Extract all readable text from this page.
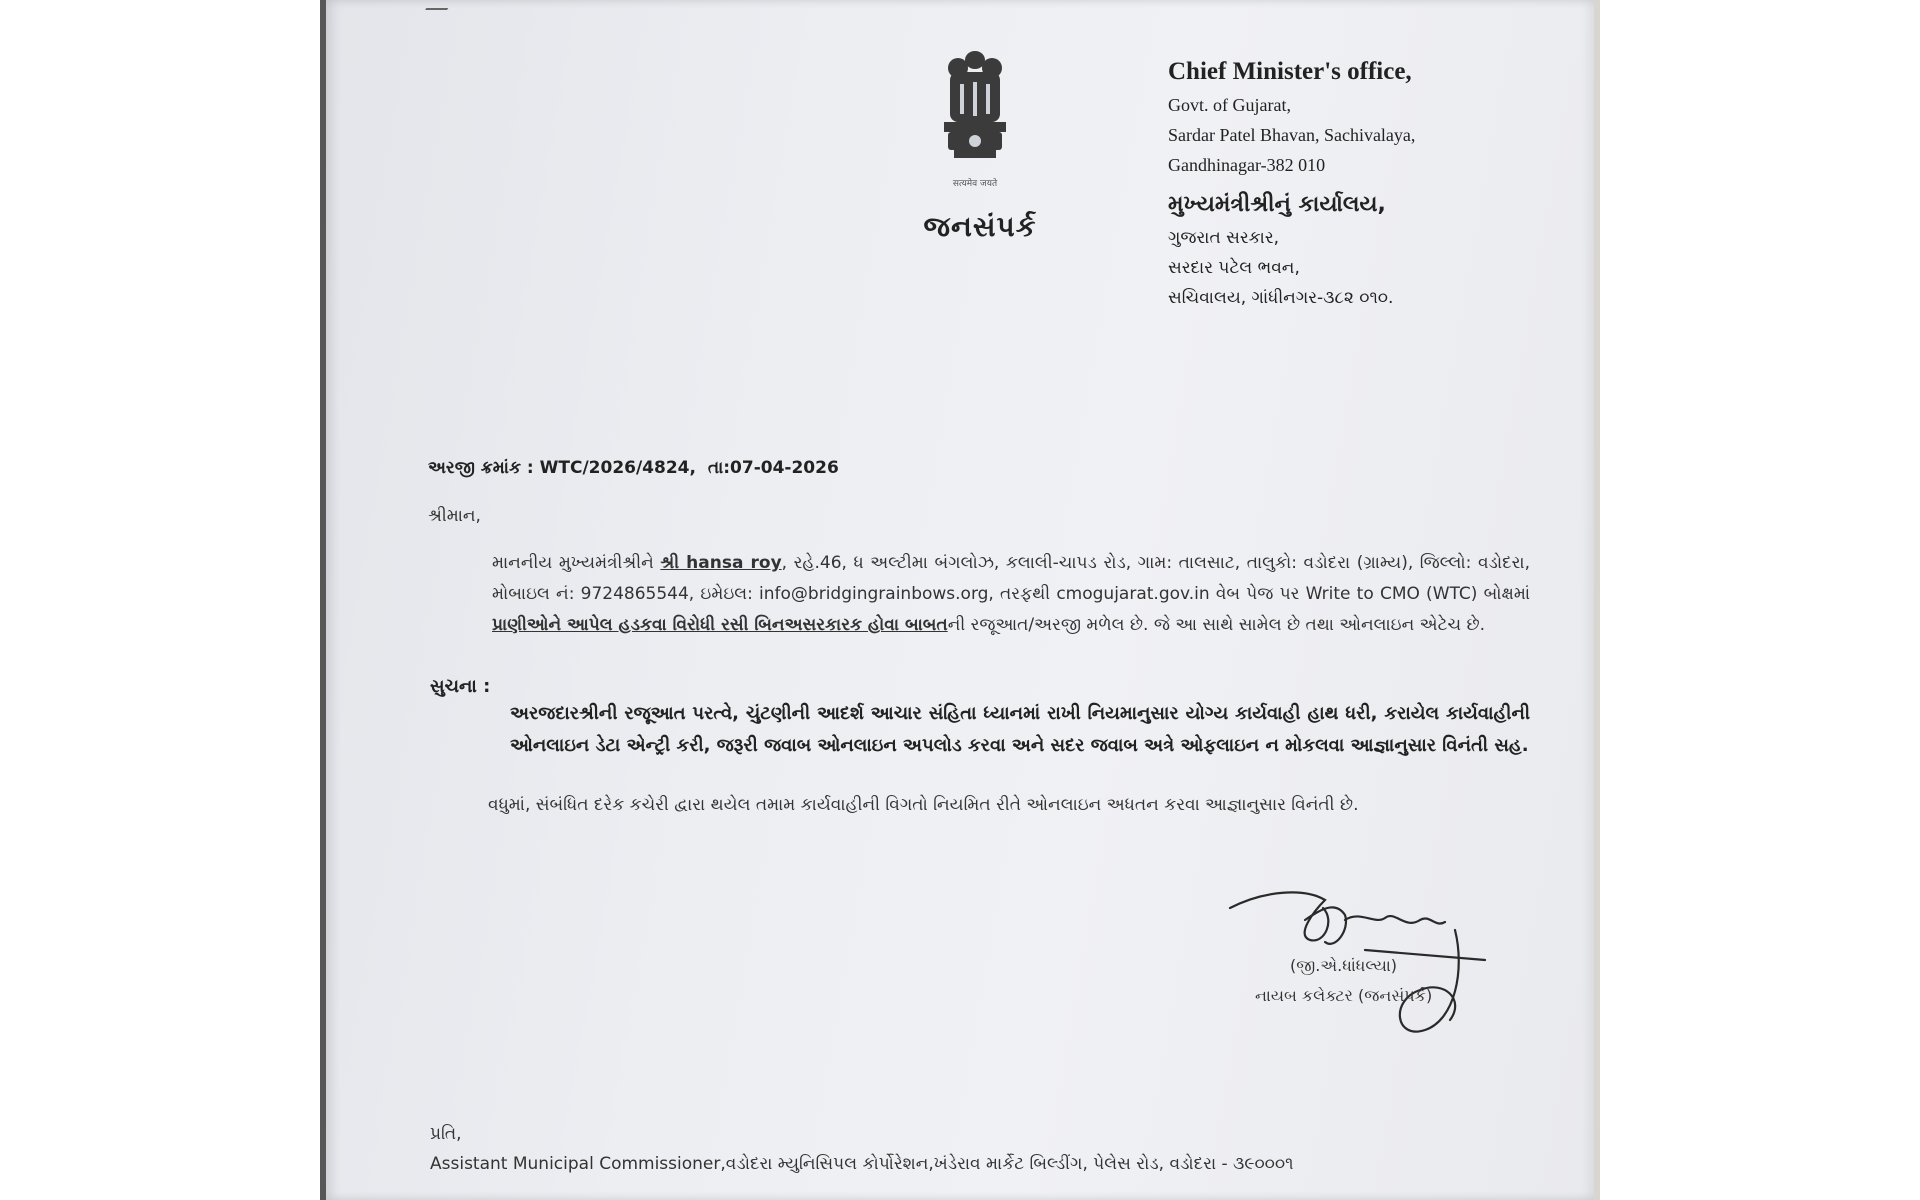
सत्यमेव जयते
જનસંપર્ક
Chief Minister's office,
Govt. of Gujarat,
Sardar Patel Bhavan, Sachivalaya,
Gandhinagar-382 010
મુખ્યમંત્રીશ્રીનું કાર્યાલય,
ગુજરાત સરકાર,
સરદાર પટેલ ભવન,
સચિવાલય, ગાંધીનગર-૩૮૨ ૦૧૦.
અરજી ક્રમાંક : WTC/2026/4824, તા:07-04-2026
શ્રીમાન,
માનનીય મુખ્યમંત્રીશ્રીને શ્રી hansa roy, રહે.46, ધ અલ્ટીમા બંગલોઝ, કલાલી-ચાપડ રોડ, ગામ: તાલસાટ, તાલુકો: વડોદરા (ગ્રામ્ય), જિલ્લો: વડોદરા, મોબાઇલ નં: 9724865544, ઇમેઇલ: info@bridgingrainbows.org, તરફથી cmogujarat.gov.in વેબ પેજ પર Write to CMO (WTC) બોક્ષમાં પ્રાણીઓને આપેલ હડકવા વિરોધી રસી બિનઅસરકારક હોવા બાબતની રજૂઆત/અરજી મળેલ છે. જે આ સાથે સામેલ છે તથા ઓનલાઇન એટેચ છે.
સુચના :
અરજદારશ્રીની રજૂઆત પરત્વે, ચુંટણીની આદર્શ આચાર સંહિતા ધ્યાનમાં રાખી નિયમાનુસાર યોગ્ય કાર્યવાહી હાથ ધરી, કરાયેલ કાર્યવાહીની ઓનલાઇન ડેટા એન્ટ્રી કરી, જરૂરી જવાબ ઓનલાઇન અપલોડ કરવા અને સદર જવાબ અત્રે ઓફલાઇન ન મોકલવા આજ્ઞાનુસાર વિનંતી સહ.
વધુમાં, સંબંધિત દરેક કચેરી દ્વારા થયેલ તમામ કાર્યવાહીની વિગતો નિયમિત રીતે ઓનલાઇન અધતન કરવા આજ્ઞાનુસાર વિનંતી છે.
(જી.એ.ધાંધલ્યા)
નાયબ કલેક્ટર (જનસંપર્ક)
પ્રતિ,
Assistant Municipal Commissioner,વડોદરા મ્યુનિસિપલ કોર્પોરેશન,ખંડેરાવ માર્કેટ બિલ્ડીંગ, પેલેસ રોડ, વડોદરા - ૩૯૦૦૦૧
